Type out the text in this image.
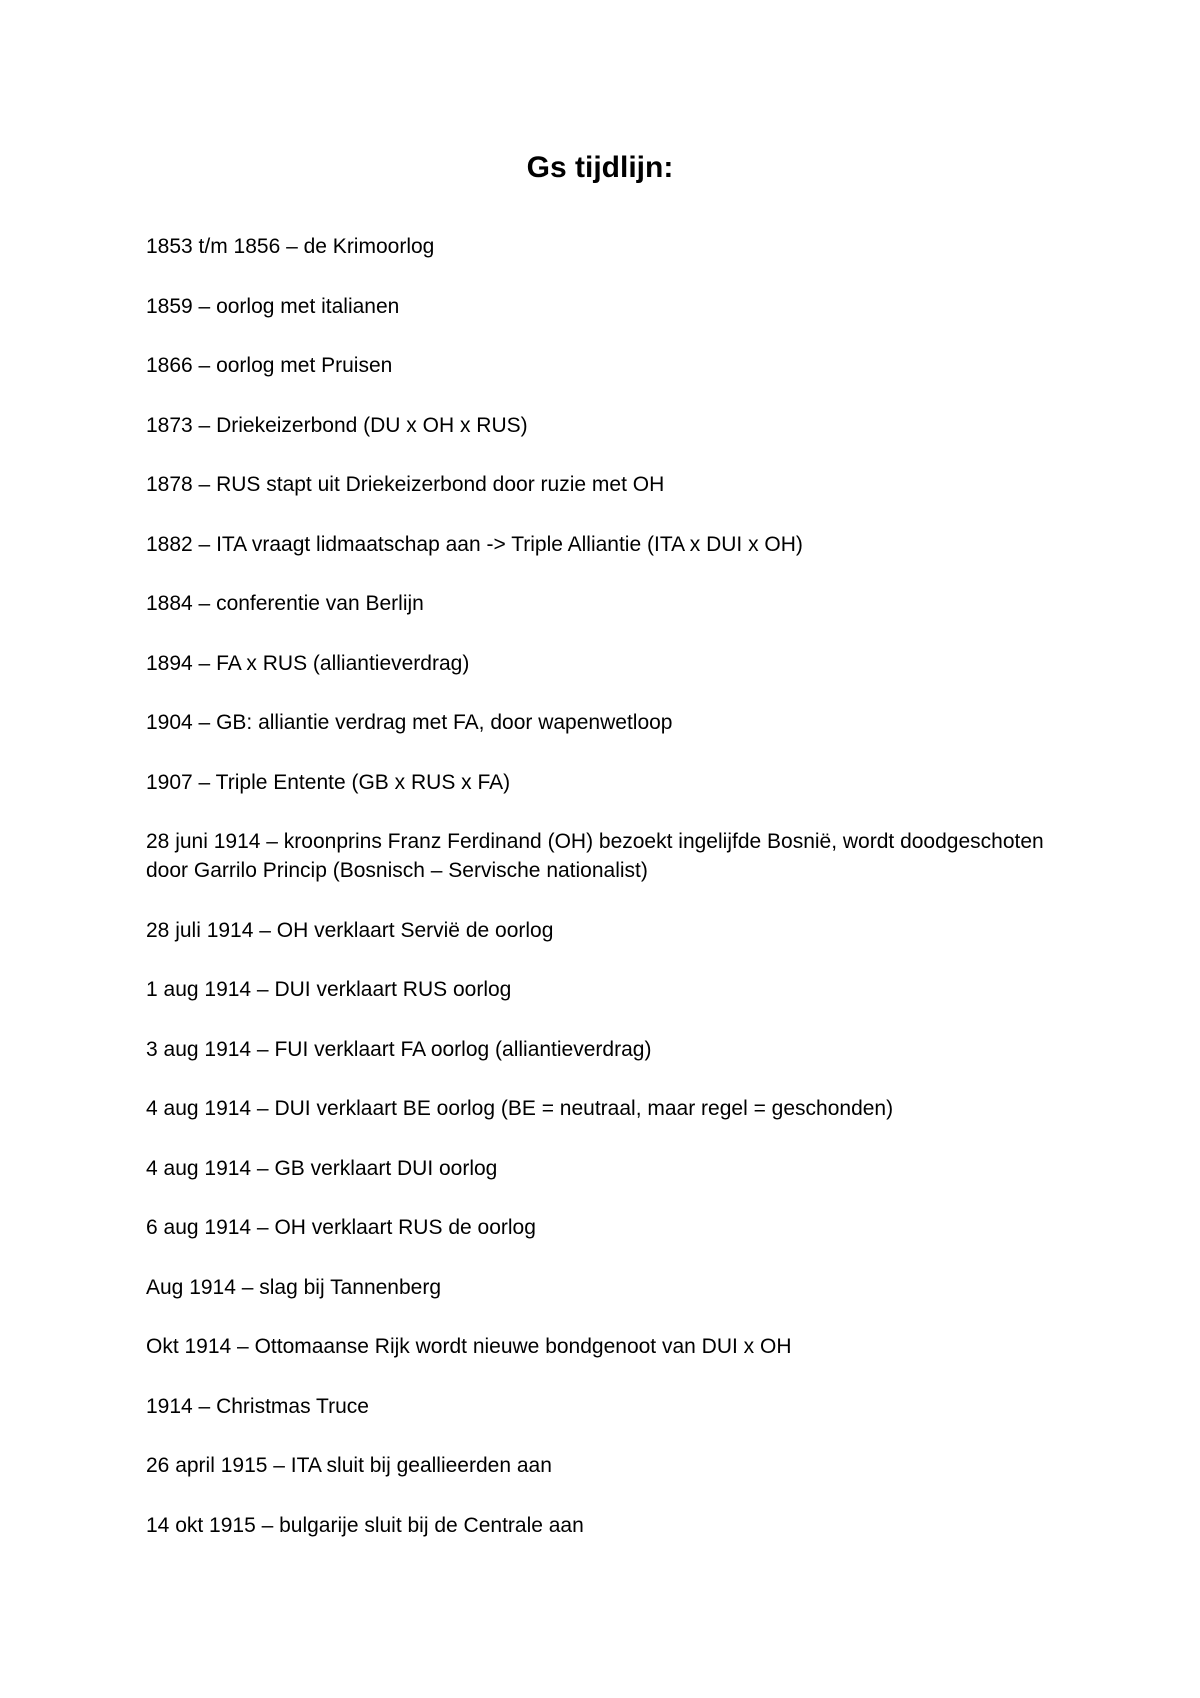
Gs tijdlijn:
1853 t/m 1856 – de Krimoorlog
1859 – oorlog met italianen
1866 – oorlog met Pruisen
1873 – Driekeizerbond (DU x OH x RUS)
1878 – RUS stapt uit Driekeizerbond door ruzie met OH
1882 – ITA vraagt lidmaatschap aan -> Triple Alliantie (ITA x DUI x OH)
1884 – conferentie van Berlijn
1894 – FA x RUS (alliantieverdrag)
1904 – GB: alliantie verdrag met FA, door wapenwetloop
1907 – Triple Entente (GB x RUS x FA)
28 juni 1914 – kroonprins Franz Ferdinand (OH) bezoekt ingelijfde Bosnië, wordt doodgeschoten door Garrilo Princip (Bosnisch – Servische nationalist)
28 juli 1914 – OH verklaart Servië de oorlog
1 aug 1914 – DUI verklaart RUS oorlog
3 aug 1914 – FUI verklaart FA oorlog (alliantieverdrag)
4 aug 1914 – DUI verklaart BE oorlog (BE = neutraal, maar regel = geschonden)
4 aug 1914 – GB verklaart DUI oorlog
6 aug 1914 – OH verklaart RUS de oorlog
Aug 1914 – slag bij Tannenberg
Okt 1914 – Ottomaanse Rijk wordt nieuwe bondgenoot van DUI x OH
1914 – Christmas Truce
26 april 1915 – ITA sluit bij geallieerden aan
14 okt 1915 – bulgarije sluit bij de Centrale aan
